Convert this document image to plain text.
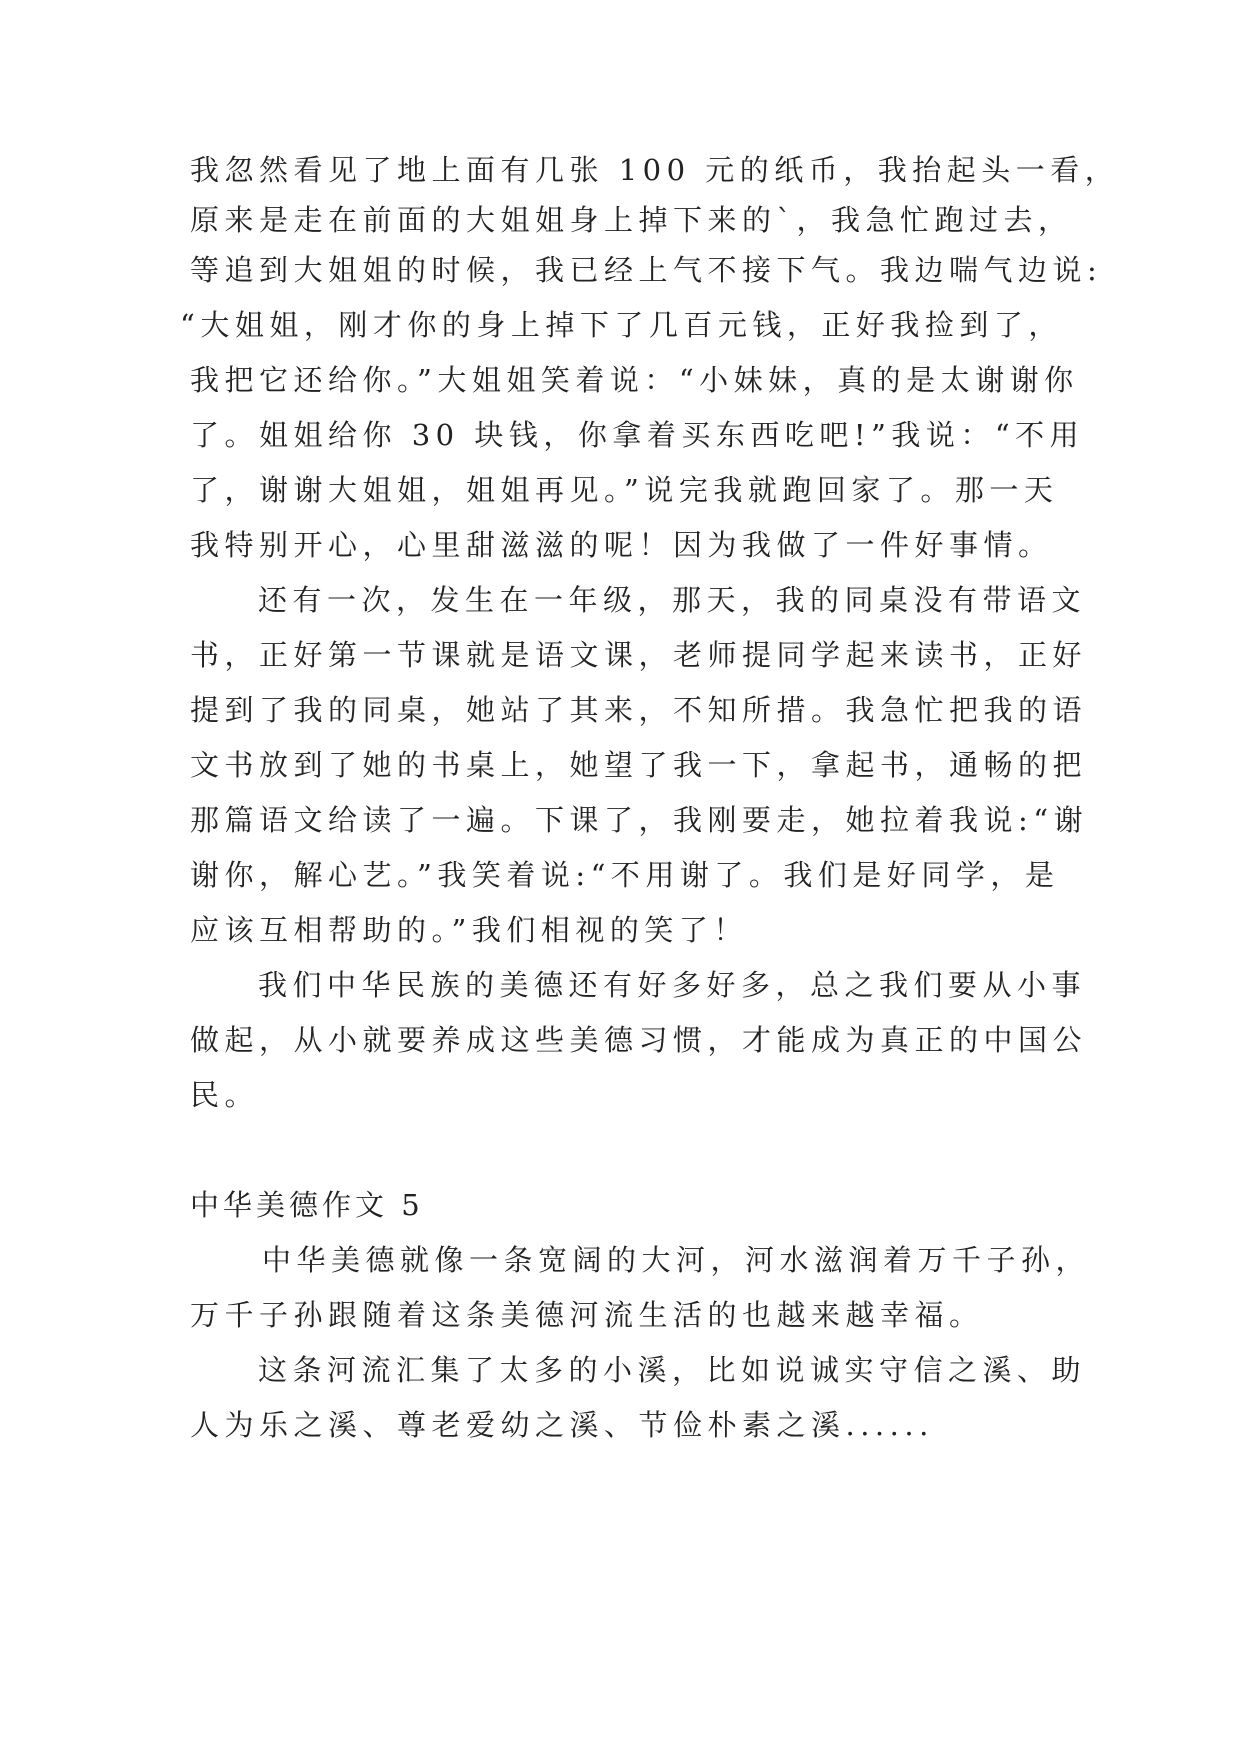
我忽然看见了地上面有几张 100 元的纸币，我抬起头一看，
原来是走在前面的大姐姐身上掉下来的`，我急忙跑过去，
等追到大姐姐的时候，我已经上气不接下气。我边喘气边说:
“大姐姐，刚才你的身上掉下了几百元钱，正好我捡到了，
我把它还给你。”大姐姐笑着说：“小妹妹，真的是太谢谢你
了。姐姐给你 30 块钱，你拿着买东西吃吧!”我说：“不用
了，谢谢大姐姐，姐姐再见。”说完我就跑回家了。那一天
我特别开心，心里甜滋滋的呢！因为我做了一件好事情。
还有一次，发生在一年级，那天，我的同桌没有带语文
书，正好第一节课就是语文课，老师提同学起来读书，正好
提到了我的同桌，她站了其来，不知所措。我急忙把我的语
文书放到了她的书桌上，她望了我一下，拿起书，通畅的把
那篇语文给读了一遍。下课了，我刚要走，她拉着我说:“谢
谢你，解心艺。”我笑着说:“不用谢了。我们是好同学，是
应该互相帮助的。”我们相视的笑了！
我们中华民族的美德还有好多好多，总之我们要从小事
做起，从小就要养成这些美德习惯，才能成为真正的中国公
民。
中华美德作文 5
中华美德就像一条宽阔的大河，河水滋润着万千子孙，
万千子孙跟随着这条美德河流生活的也越来越幸福。
这条河流汇集了太多的小溪，比如说诚实守信之溪、助
人为乐之溪、尊老爱幼之溪、节俭朴素之溪......
